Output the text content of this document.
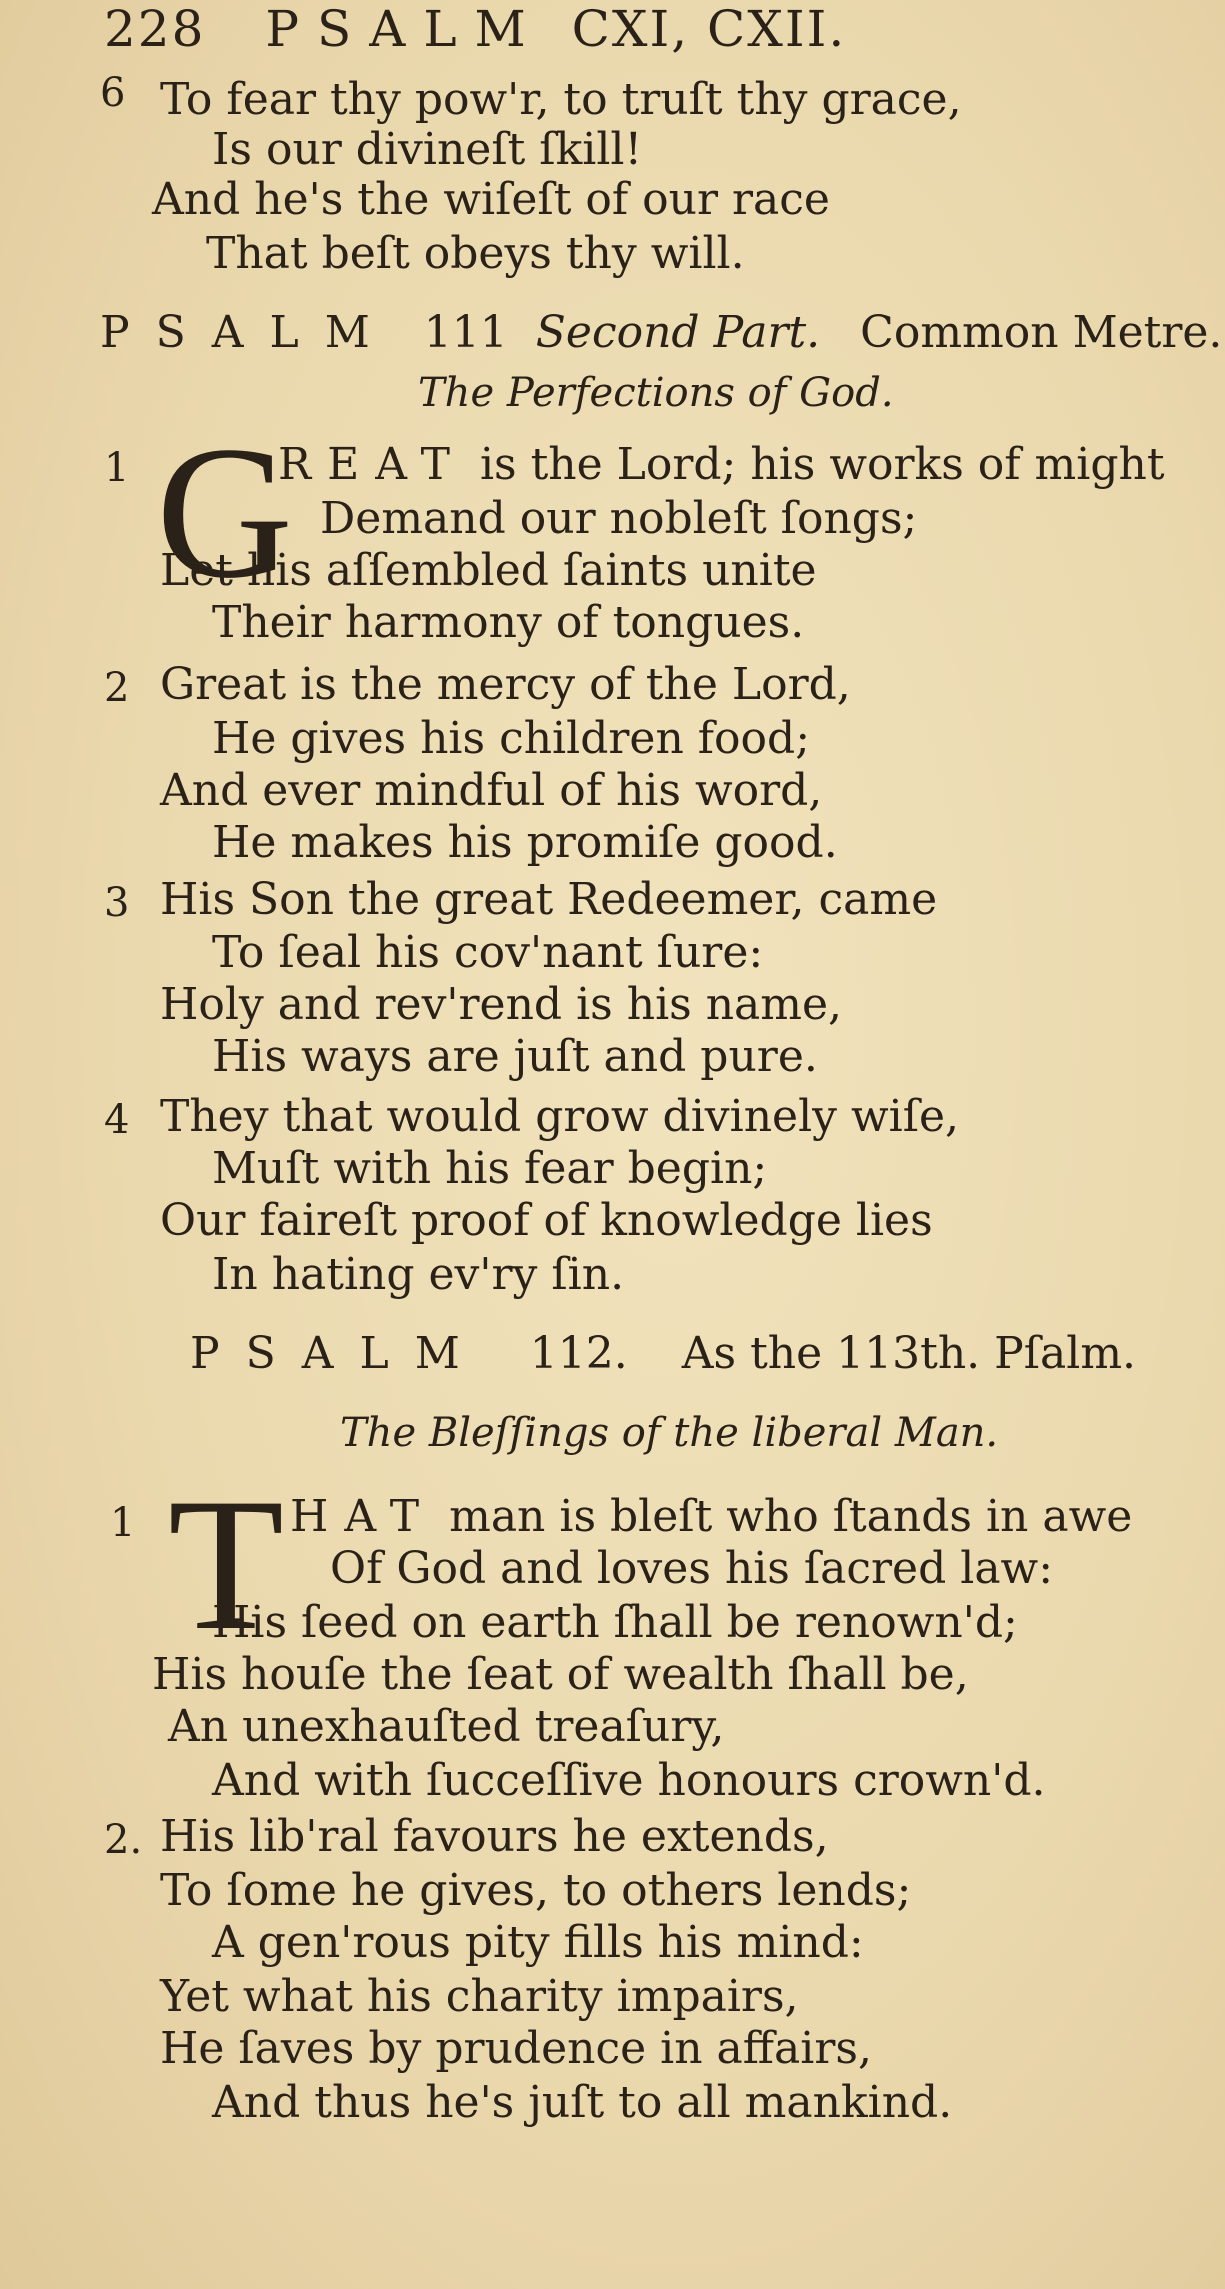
228 PSALM CXI, CXII.
6 To fear thy pow'r, to truſt thy grace,
Is our divineſt ſkill!
And he's the wiſeſt of our race
That beſt obeys thy will.
PSALM 111 Second Part. Common Metre.
The Perfections of God.
1 G
REAT is the Lord; his works of might
Demand our nobleſt ſongs;
Let his aſſembled ſaints unite
Their harmony of tongues.
2 Great is the mercy of the Lord,
He gives his children food;
And ever mindful of his word,
He makes his promiſe good.
3 His Son the great Redeemer, came
To ſeal his cov'nant ſure:
Holy and rev'rend is his name,
His ways are juſt and pure.
4 They that would grow divinely wiſe,
Muſt with his fear begin;
Our faireſt proof of knowledge lies
In hating ev'ry ſin.
PSALM 112. As the 113th. Pſalm.
The Bleſſings of the liberal Man.
1 T HAT man is bleſt who ſtands in awe
Of God and loves his ſacred law:
His ſeed on earth ſhall be renown'd;
His houſe the ſeat of wealth ſhall be,
An unexhauſted treaſury,
And with ſucceſſive honours crown'd.
2. His lib'ral favours he extends,
To ſome he gives, to others lends;
A gen'rous pity fills his mind:
Yet what his charity impairs,
He ſaves by prudence in affairs,
And thus he's juſt to all mankind.
